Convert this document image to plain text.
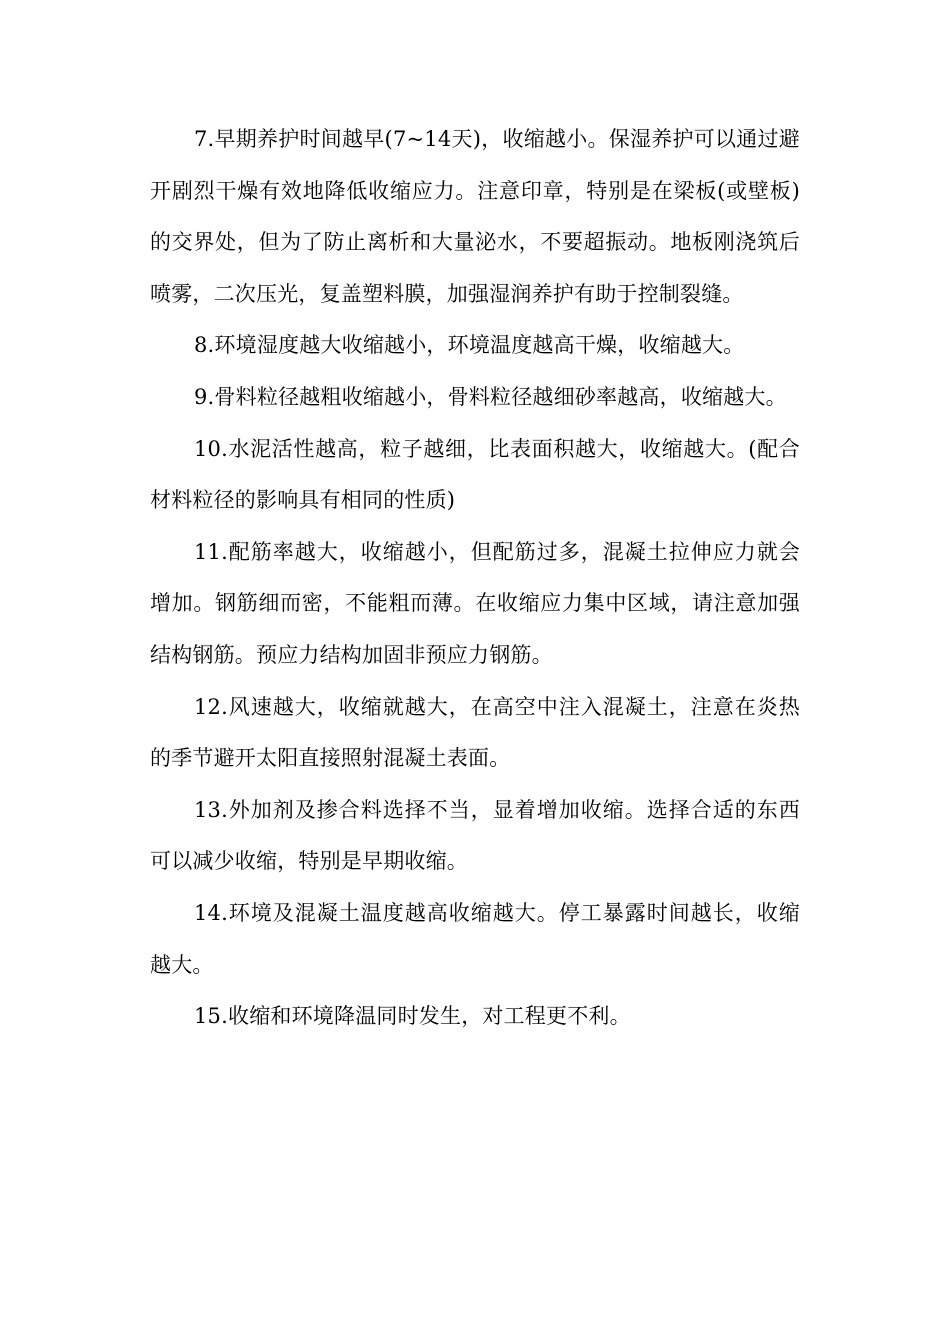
7.早期养护时间越早(7~14天)，收缩越小。保湿养护可以通过避开剧烈干燥有效地降低收缩应力。注意印章，特别是在梁板(或壁板)的交界处，但为了防止离析和大量泌水，不要超振动。地板刚浇筑后喷雾，二次压光，复盖塑料膜，加强湿润养护有助于控制裂缝。

8.环境湿度越大收缩越小，环境温度越高干燥，收缩越大。

9.骨料粒径越粗收缩越小，骨料粒径越细砂率越高，收缩越大。

10.水泥活性越高，粒子越细，比表面积越大，收缩越大。(配合材料粒径的影响具有相同的性质)

11.配筋率越大，收缩越小，但配筋过多，混凝土拉伸应力就会增加。钢筋细而密，不能粗而薄。在收缩应力集中区域，请注意加强结构钢筋。预应力结构加固非预应力钢筋。

12.风速越大，收缩就越大，在高空中注入混凝土，注意在炎热的季节避开太阳直接照射混凝土表面。

13.外加剂及掺合料选择不当，显着增加收缩。选择合适的东西可以减少收缩，特别是早期收缩。

14.环境及混凝土温度越高收缩越大。停工暴露时间越长，收缩越大。

15.收缩和环境降温同时发生，对工程更不利。
